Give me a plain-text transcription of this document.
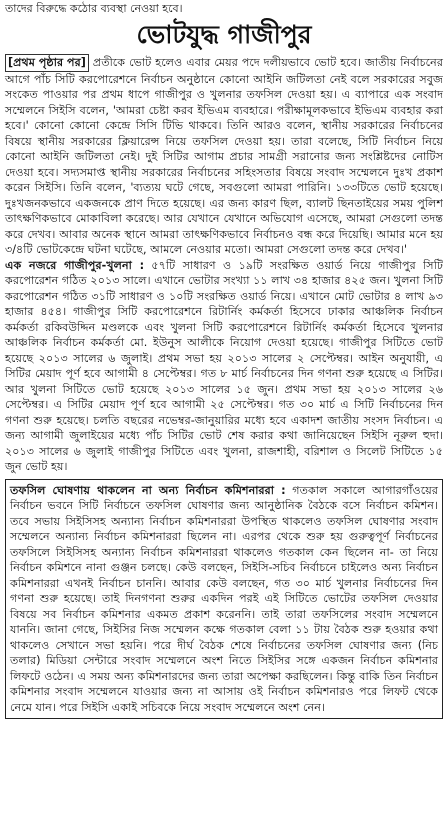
তাদের বিরুদ্ধে কঠোর ব্যবস্থা নেওয়া হবে।

ভোটযুদ্ধ গাজীপুর

[প্রথম পৃষ্ঠার পর] প্রতীকে ভোট হলেও এবার মেয়র পদে দলীয়ভাবে ভোট হবে। জাতীয় নির্বাচনের আগে পাঁচ সিটি করপোরেশনে নির্বাচন অনুষ্ঠানে কোনো আইনি জটিলতা নেই বলে সরকারের সবুজ সংকেত পাওয়ার পর প্রথম ধাপে গাজীপুর ও খুলনার তফসিল দেওয়া হয়। এ ব্যাপারে এক সংবাদ সম্মেলনে সিইসি বলেন, 'আমরা চেষ্টা করব ইভিএম ব্যবহারে। পরীক্ষামূলকভাবে ইভিএম ব্যবহার করা হবে।' কোনো কোনো কেন্দ্রে সিসি টিভি থাকবে। তিনি আরও বলেন, স্থানীয় সরকারের নির্বাচনের বিষয়ে স্থানীয় সরকারের ক্লিয়ারেন্স নিয়ে তফসিল দেওয়া হয়। তারা বলেছে, সিটি নির্বাচন নিয়ে কোনো আইনি জটিলতা নেই। দুই সিটির আগাম প্রচার সামগ্রী সরানোর জন্য সংশ্লিষ্টদের নোটিস দেওয়া হবে। সদ্যসমাপ্ত স্থানীয় সরকারের নির্বাচনের সহিংসতার বিষয়ে সংবাদ সম্মেলনে দুঃখ প্রকাশ করেন সিইসি। তিনি বলেন, 'ব্যত্যয় ঘটে গেছে, সবগুলো আমরা পারিনি। ১৩৩টিতে ভোট হয়েছে। দুঃখজনকভাবে একজনকে প্রাণ দিতে হয়েছে। এর জন্য কারণ ছিল, ব্যালট ছিনতাইয়ের সময় পুলিশ তাৎক্ষণিকভাবে মোকাবিলা করেছে। আর যেখানে যেখানে অভিযোগ এসেছে, আমরা সেগুলো তদন্ত করে দেখব। আবার অনেক স্থানে আমরা তাৎক্ষণিকভাবে নির্বাচনও বন্ধ করে দিয়েছি। আমার মনে হয় ৩/৪টি ভোটকেন্দ্রে ঘটনা ঘটেছে, আমলে নেওয়ার মতো। আমরা সেগুলো তদন্ত করে দেখব।'

এক নজরে গাজীপুর-খুলনা : ৫৭টি সাধারণ ও ১৯টি সংরক্ষিত ওয়ার্ড নিয়ে গাজীপুর সিটি করপোরেশন গঠিত ২০১৩ সালে। এখানে ভোটার সংখ্যা ১১ লাখ ৩৪ হাজার ৪২৫ জন। খুলনা সিটি করপোরেশন গঠিত ৩১টি সাধারণ ও ১০টি সংরক্ষিত ওয়ার্ড নিয়ে। এখানে মোট ভোটার ৪ লাখ ৯৩ হাজার ৪৫৪। গাজীপুর সিটি করপোরেশনে রিটার্নিং কর্মকর্তা হিসেবে ঢাকার আঞ্চলিক নির্বাচন কর্মকর্তা রকিবউদ্দিন মণ্ডলকে এবং খুলনা সিটি করপোরেশনে রিটার্নিং কর্মকর্তা হিসেবে খুলনার আঞ্চলিক নির্বাচন কর্মকর্তা মো. ইউনুস আলীকে নিয়োগ দেওয়া হয়েছে। গাজীপুর সিটিতে ভোট হয়েছে ২০১৩ সালের ৬ জুলাই। প্রথম সভা হয় ২০১৩ সালের ২ সেপ্টেম্বর। আইন অনুযায়ী, এ সিটির মেয়াদ পূর্ণ হবে আগামী ৪ সেপ্টেম্বর। গত ৮ মার্চ নির্বাচনের দিন গণনা শুরু হয়েছে এ সিটির। আর খুলনা সিটিতে ভোট হয়েছে ২০১৩ সালের ১৫ জুন। প্রথম সভা হয় ২০১৩ সালের ২৬ সেপ্টেম্বর। এ সিটির মেয়াদ পূর্ণ হবে আগামী ২৫ সেপ্টেম্বর। গত ৩০ মার্চ এ সিটি নির্বাচনের দিন গণনা শুরু হয়েছে। চলতি বছরের নভেম্বর-জানুয়ারির মধ্যে হবে একাদশ জাতীয় সংসদ নির্বাচন। এ জন্য আগামী জুলাইয়ের মধ্যে পাঁচ সিটির ভোট শেষ করার কথা জানিয়েছেন সিইসি নূরুল হুদা। ২০১৩ সালের ৬ জুলাই গাজীপুর সিটিতে এবং খুলনা, রাজশাহী, বরিশাল ও সিলেট সিটিতে ১৫ জুন ভোট হয়।

তফসিল ঘোষণায় থাকলেন না অন্য নির্বাচন কমিশনাররা : গতকাল সকালে আগারগাঁওয়ের নির্বাচন ভবনে সিটি নির্বাচনে তফসিল ঘোষণার জন্য আনুষ্ঠানিক বৈঠকে বসে নির্বাচন কমিশন। তবে সভায় সিইসিসহ অন্যান্য নির্বাচন কমিশনাররা উপস্থিত থাকলেও তফসিল ঘোষণার সংবাদ সম্মেলনে অন্যান্য নির্বাচন কমিশনাররা ছিলেন না। এরপর থেকে শুরু হয় গুরুত্বপূর্ণ নির্বাচনের তফসিলে সিইসিসহ অন্যান্য নির্বাচন কমিশনাররা থাকলেও গতকাল কেন ছিলেন না- তা নিয়ে নির্বাচন কমিশনে নানা গুঞ্জন চলছে। কেউ বলছেন, সিইসি-সচিব নির্বাচনে চাইলেও অন্য নির্বাচন কমিশনাররা এখনই নির্বাচন চাননি। আবার কেউ বলছেন, গত ৩০ মার্চ খুলনার নির্বাচনের দিন গণনা শুরু হয়েছে। তাই দিনগণনা শুরুর একদিন পরই এই সিটিতে ভোটের তফসিল দেওয়ার বিষয়ে সব নির্বাচন কমিশনার একমত প্রকাশ করেননি। তাই তারা তফসিলের সংবাদ সম্মেলনে যাননি। জানা গেছে, সিইসির নিজ সম্মেলন কক্ষে গতকাল বেলা ১১ টায় বৈঠক শুরু হওয়ার কথা থাকলেও সেখানে সভা হয়নি। পরে দীর্ঘ বৈঠক শেষে নির্বাচনের তফসিল ঘোষণার জন্য (নিচ তলার) মিডিয়া সেন্টারে সংবাদ সম্মেলনে অংশ নিতে সিইসির সঙ্গে একজন নির্বাচন কমিশনার লিফটে ওঠেন। এ সময় অন্য কমিশনারদের জন্য তারা অপেক্ষা করছিলেন। কিন্তু বাকি তিন নির্বাচন কমিশনার সংবাদ সম্মেলনে যাওয়ার জন্য না আসায় ওই নির্বাচন কমিশনারও পরে লিফট থেকে নেমে যান। পরে সিইসি একাই সচিবকে নিয়ে সংবাদ সম্মেলনে অংশ নেন।
